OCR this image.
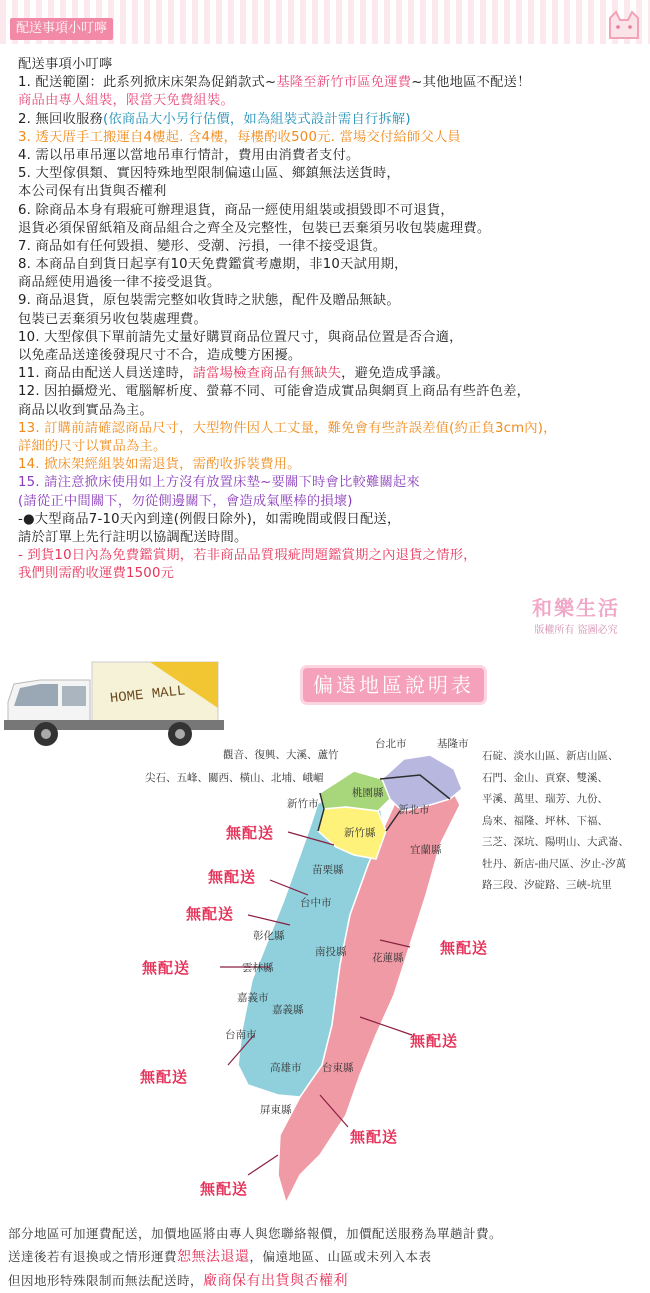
配送事項小叮嚀
配送事項小叮嚀
1. 配送範圍：此系列掀床床架為促銷款式~基隆至新竹市區免運費~其他地區不配送！
商品由專人組裝，限當天免費組裝。
2. 無回收服務(依商品大小另行估價，如為組裝式設計需自行拆解)
3. 透天厝手工搬運自4樓起. 含4樓，每樓酌收500元. 當場交付給師父人員
4. 需以吊車吊運以當地吊車行情計，費用由消費者支付。
5. 大型傢俱類、實因特殊地型限制偏遠山區、鄉鎮無法送貨時，
本公司保有出貨與否權利
6. 除商品本身有瑕疵可辦理退貨，商品一經使用組裝或損毀即不可退貨，
退貨必須保留紙箱及商品組合之齊全及完整性，包裝已丟棄須另收包裝處理費。
7. 商品如有任何毀損、變形、受潮、污損，一律不接受退貨。
8. 本商品自到貨日起享有10天免費鑑賞考慮期，非10天試用期，
商品經使用過後一律不接受退貨。
9. 商品退貨，原包裝需完整如收貨時之狀態，配件及贈品無缺。
包裝已丟棄須另收包裝處理費。
10. 大型傢俱下單前請先丈量好購買商品位置尺寸，與商品位置是否合適，
以免產品送達後發現尺寸不合，造成雙方困擾。
11. 商品由配送人員送達時，請當場檢查商品有無缺失，避免造成爭議。
12. 因拍攝燈光、電腦解析度、螢幕不同、可能會造成實品與網頁上商品有些許色差，
商品以收到實品為主。
13. 訂購前請確認商品尺寸，大型物件因人工丈量，難免會有些許誤差值(約正負3cm內)，
詳細的尺寸以實品為主。
14. 掀床架經組裝如需退貨，需酌收拆裝費用。
15. 請注意掀床使用如上方沒有放置床墊~要關下時會比較難關起來
(請從正中間關下，勿從側邊關下，會造成氣壓棒的損壞)
-●大型商品7-10天內到達(例假日除外)，如需晚間或假日配送，
請於訂單上先行註明以協調配送時間。
- 到貨10日內為免費鑑賞期，若非商品品質瑕疵問題鑑賞期之內退貨之情形，
我們則需酌收運費1500元
和樂生活
版權所有 盜圖必究
HOME MALL	偏遠地區說明表
觀音、復興、大溪、蘆竹
尖石、五峰、關西、橫山、北埔、峨嵋
台北市	基隆市
桃園縣
新竹市	新北市
新竹縣
宜蘭縣
苗栗縣
台中市
彰化縣
南投縣 花蓮縣
雲林縣
嘉義市
嘉義縣
台南市
高雄市 台東縣
屏東縣
石碇、淡水山區、新店山區、
石門、金山、貢寮、雙溪、
平溪、萬里、瑞芳、九份、
烏來、福隆、坪林、下福、
三芝、深坑、陽明山、大武崙、
牡丹、新店-曲尺區、汐止-汐萬
路三段、汐碇路、三峽-坑里
無配送
無配送
無配送
無配送
無配送
無配送
無配送
無配送
無配送
部分地區可加運費配送，加價地區將由專人與您聯絡報價，加價配送服務為單趟計費。
送達後若有退換或之情形運費恕無法退還，偏遠地區、山區或未列入本表
但因地形特殊限制而無法配送時，廠商保有出貨與否權利
